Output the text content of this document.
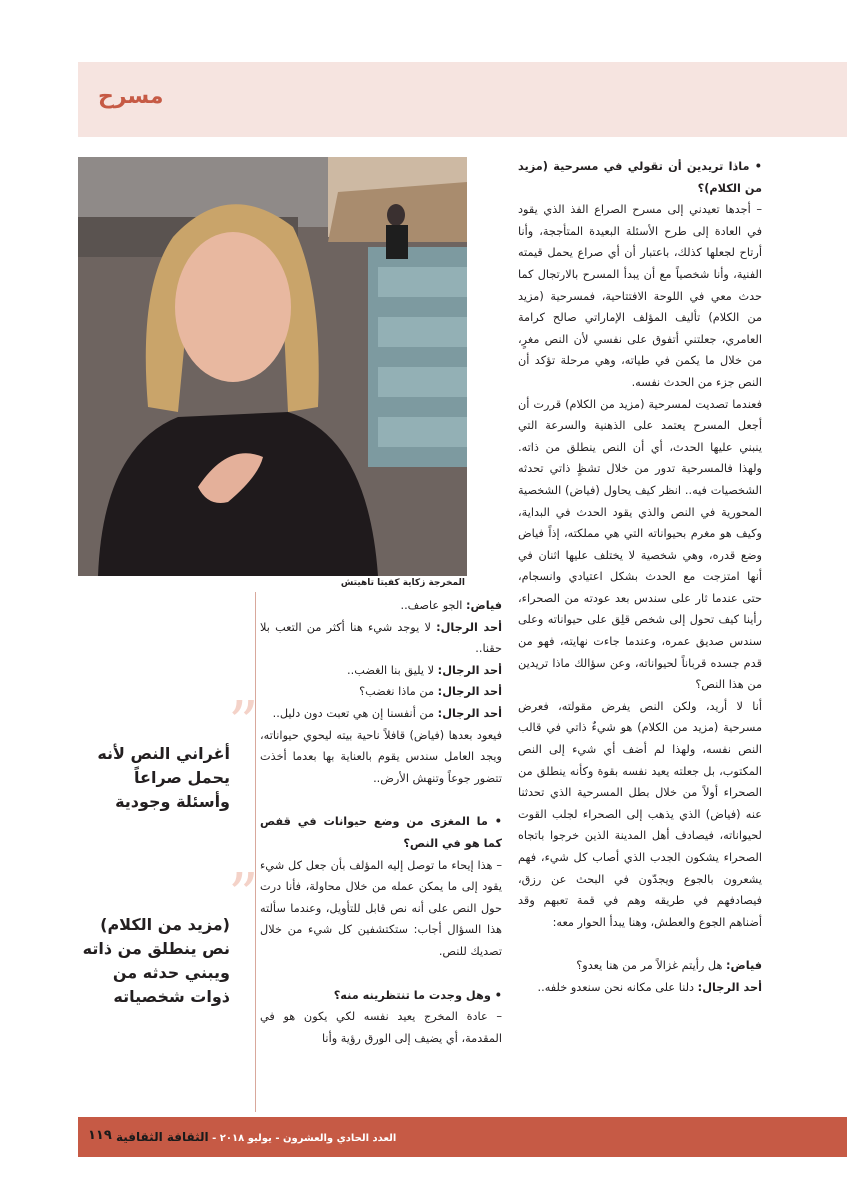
مسرح
المخرجة زكاية كفيتا تاهيتش

• ماذا تريدين أن تقولي في مسرحية (مزيد من الكلام)؟

– أجدها تعيدني إلى مسرح الصراع الفذ الذي يقود في العادة إلى طرح الأسئلة البعيدة المتأججة، وأنا أرتاح لجعلها كذلك، باعتبار أن أي صراع يحمل قيمته الفنية، وأنا شخصياً مع أن يبدأ المسرح بالارتجال كما حدث معي في اللوحة الافتتاحية، فمسرحية (مزيد من الكلام) تأليف المؤلف الإماراتي صالح كرامة العامري، جعلتني أتفوق على نفسي لأن النص مغرٍ، من خلال ما يكمن في طياته، وهي مرحلة تؤكد أن النص جزء من الحدث نفسه.

فعندما تصديت لمسرحية (مزيد من الكلام) قررت أن أجعل المسرح يعتمد على الذهنية والسرعة التي ينبني عليها الحدث، أي أن النص ينطلق من ذاته. ولهذا فالمسرحية تدور من خلال تشظٍ ذاتي تحدثه الشخصيات فيه.. انظر كيف يحاول (فياض) الشخصية المحورية في النص والذي يقود الحدث في البداية، وكيف هو مغرم بحيواناته التي هي مملكته، إذاً فياض وضع قدره، وهي شخصية لا يختلف عليها اثنان في أنها امتزجت مع الحدث بشكل اعتيادي وانسجام، حتى عندما ثار على سندس بعد عودته من الصحراء، رأينا كيف تحول إلى شخص قلِق على حيواناته وعلى سندس صديق عمره، وعندما جاءت نهايته، فهو من قدم جسده قرباناً لحيواناته، وعن سؤالك ماذا تريدين من هذا النص؟

أنا لا أريد، ولكن النص يفرض مقولته، فعرض مسرحية (مزيد من الكلام) هو شيءٌ ذاتي في قالب النص نفسه، ولهذا لم أضف أي شيء إلى النص المكتوب، بل جعلته يعيد نفسه بقوة وكأنه ينطلق من الصحراء أولاً من خلال بطل المسرحية الذي تحدثنا عنه (فياض) الذي يذهب إلى الصحراء لجلب القوت لحيواناته، فيصادف أهل المدينة الذين خرجوا باتجاه الصحراء يشكون الجدب الذي أصاب كل شيء، فهم يشعرون بالجوع ويجدّون في البحث عن رزق، فيصادفهم في طريقه وهم في قمة تعبهم وقد أضناهم الجوع والعطش، وهنا يبدأ الحوار معه:

فياض: هل رأيتم غزالاً مر من هنا يعدو؟

أحد الرجال: دلنا على مكانه نحن سنعدو خلفه..

فياض: الجو عاصف..

أحد الرجال: لا يوجد شيء هنا أكثر من التعب بلا حقنا..

أحد الرجال: لا يليق بنا الغضب..

أحد الرجال: من ماذا نغضب؟

أحد الرجال: من أنفسنا إن هي تعبت دون دليل..

فيعود بعدها (فياض) قافلاً ناحية بيته ليحوي حيواناته، ويجد العامل سندس يقوم بالعناية بها بعدما أخذت تتضور جوعاً وتنهش الأرض..

• ما المغزى من وضع حيوانات في قفص كما هو في النص؟

– هذا إيحاء ما توصل إليه المؤلف بأن جعل كل شيء يقود إلى ما يمكن عمله من خلال محاولة، فأنا درت حول النص على أنه نص قابل للتأويل، وعندما سألته هذا السؤال أجاب: ستكتشفين كل شيء من خلال تصديك للنص.

• وهل وجدت ما تنتظرينه منه؟

– عادة المخرج يعيد نفسه لكي يكون هو في المقدمة، أي يضيف إلى الورق رؤية وأنا

”
أغراني النص لأنه يحمل صراعاً وأسئلة وجودية
”
(مزيد من الكلام) نص ينطلق من ذاته ويبني حدثه من ذوات شخصياته
العدد الحادي والعشرون - يوليو ٢٠١٨ - الثقافة الثقافية
١١٩
